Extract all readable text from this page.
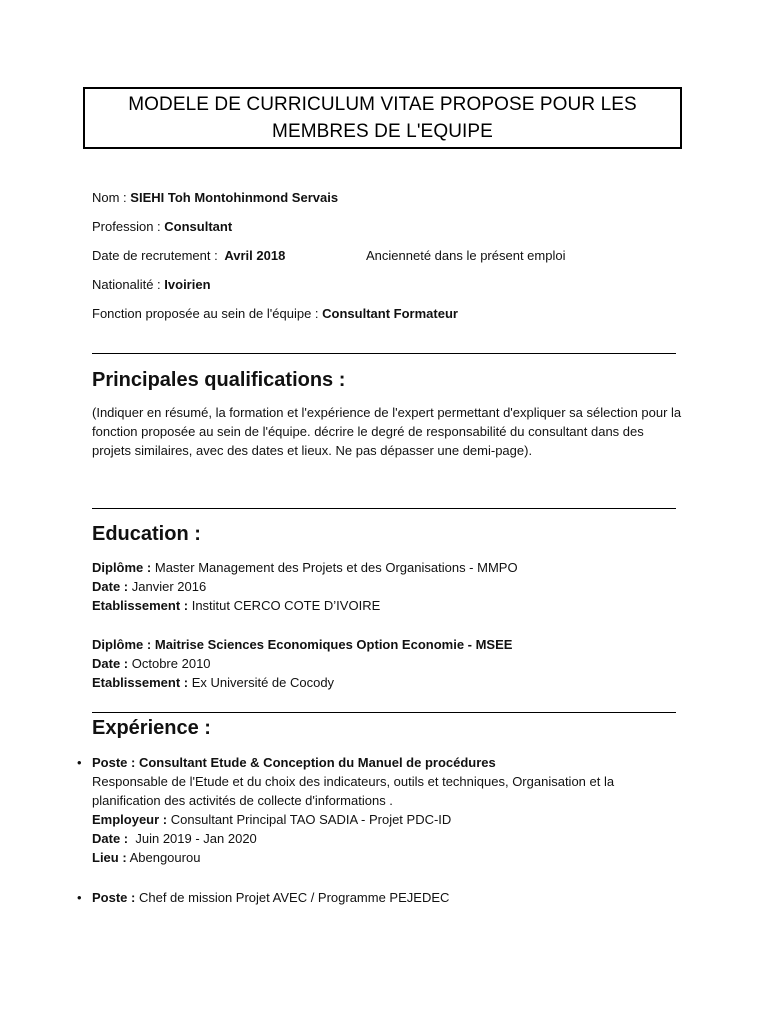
MODELE DE CURRICULUM VITAE PROPOSE POUR LES MEMBRES DE L'EQUIPE
Nom : SIEHI Toh Montohinmond Servais
Profession : Consultant
Date de recrutement : Avril 2018	Ancienneté dans le présent emploi
Nationalité : Ivoirien
Fonction proposée au sein de l'équipe : Consultant Formateur
Principales qualifications :
(Indiquer en résumé, la formation et l'expérience de l'expert permettant d'expliquer sa sélection pour la fonction proposée au sein de l'équipe. décrire le degré de responsabilité du consultant dans des projets similaires, avec des dates et lieux. Ne pas dépasser une demi-page).
Education :
Diplôme : Master Management des Projets et des Organisations - MMPO
Date : Janvier 2016
Etablissement : Institut CERCO COTE D’IVOIRE
Diplôme : Maitrise Sciences Economiques Option Economie - MSEE
Date : Octobre 2010
Etablissement : Ex Université de Cocody
Expérience :
• Poste : Consultant Etude & Conception du Manuel de procédures
Responsable de l'Etude et du choix des indicateurs, outils et techniques, Organisation et la planification des activités de collecte d'informations .
Employeur : Consultant Principal TAO SADIA - Projet PDC-ID
Date :  Juin 2019 - Jan 2020
Lieu : Abengourou
• Poste : Chef de mission Projet AVEC / Programme PEJEDEC
